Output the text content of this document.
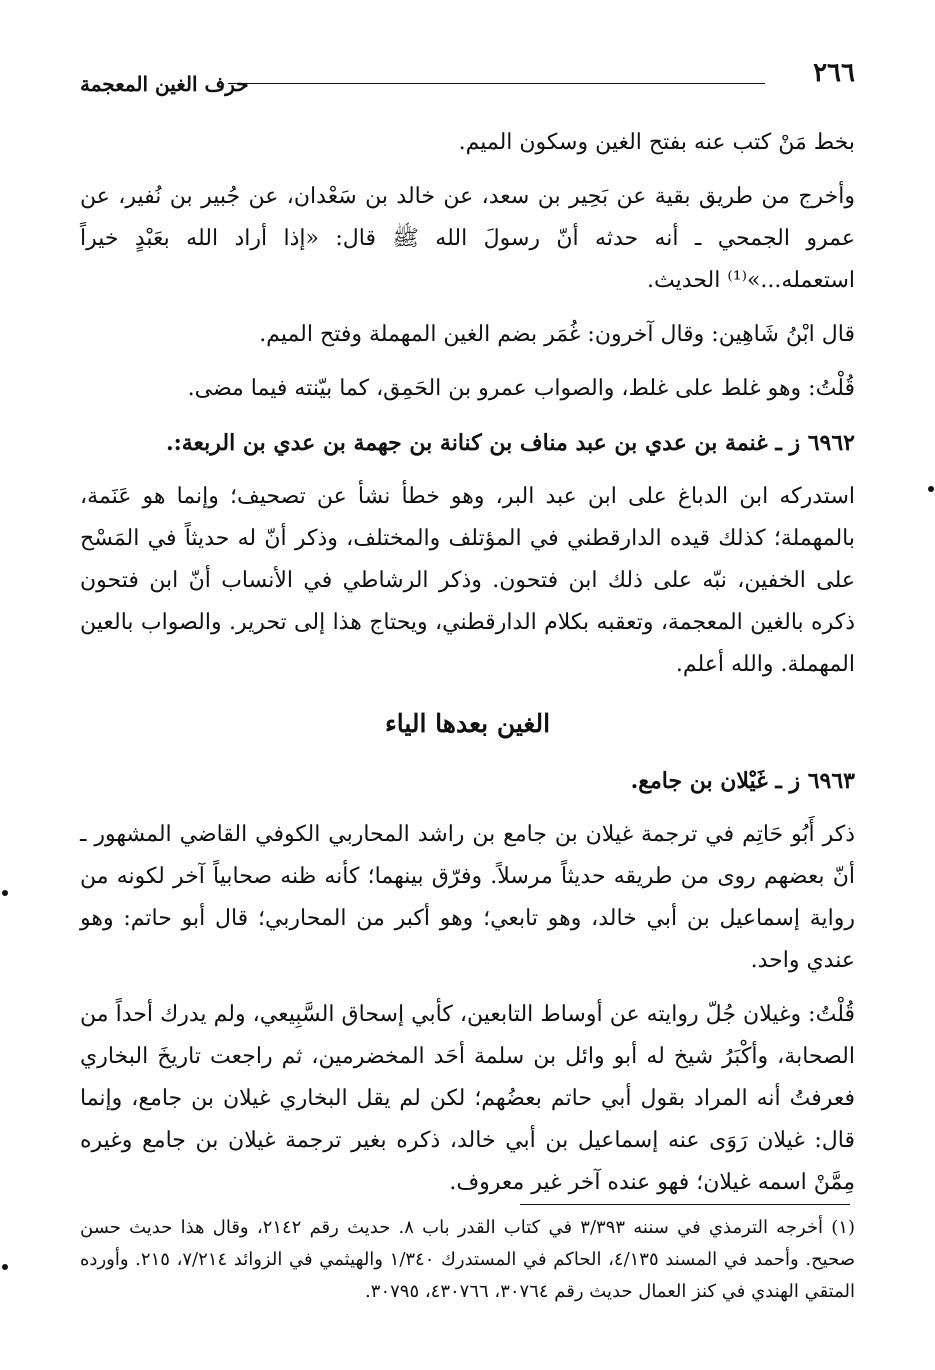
٢٦٦
حرف الغين المعجمة

بخط مَنْ كتب عنه بفتح الغين وسكون الميم.

وأخرج من طريق بقية عن بَحِير بن سعد، عن خالد بن سَعْدان، عن جُبير بن نُفير، عن عمرو الجمحي ـ أنه حدثه أنّ رسولَ الله ﷺ قال: «إذا أراد الله بعَبْدٍ خيراً استعمله...»⁽¹⁾ الحديث.

قال ابْنُ شَاهِين: وقال آخرون: غُمَر بضم الغين المهملة وفتح الميم.

قُلْتُ: وهو غلط على غلط، والصواب عمرو بن الحَمِق، كما بيّنته فيما مضى.

٦٩٦٢ ز ـ غنمة بن عدي بن عبد مناف بن كنانة بن جهمة بن عدي بن الربعة:.

استدركه ابن الدباغ على ابن عبد البر، وهو خطأ نشأ عن تصحيف؛ وإنما هو عَنَمة، بالمهملة؛ كذلك قيده الدارقطني في المؤتلف والمختلف، وذكر أنّ له حديثاً في المَسْح على الخفين، نبّه على ذلك ابن فتحون. وذكر الرشاطي في الأنساب أنّ ابن فتحون ذكره بالغين المعجمة، وتعقبه بكلام الدارقطني، ويحتاج هذا إلى تحرير. والصواب بالعين المهملة. والله أعلم.

الغين بعدها الياء

٦٩٦٣ ز ـ غَيْلان بن جامع.

ذكر أَبُو حَاتِم في ترجمة غيلان بن جامع بن راشد المحاربي الكوفي القاضي المشهور ـ أنّ بعضهم روى من طريقه حديثاً مرسلاً. وفرّق بينهما؛ كأنه ظنه صحابياً آخر لكونه من رواية إسماعيل بن أبي خالد، وهو تابعي؛ وهو أكبر من المحاربي؛ قال أبو حاتم: وهو عندي واحد.

قُلْتُ: وغيلان جُلّ روايته عن أوساط التابعين، كأبي إسحاق السَّبِيعي، ولم يدرك أحداً من الصحابة، وأكْبَرُ شيخ له أبو وائل بن سلمة أحَد المخضرمين، ثم راجعت تاريخَ البخاري فعرفتُ أنه المراد بقول أبي حاتم بعضُهم؛ لكن لم يقل البخاري غيلان بن جامع، وإنما قال: غيلان رَوَى عنه إسماعيل بن أبي خالد، ذكره بغير ترجمة غيلان بن جامع وغيره مِمَّنْ اسمه غيلان؛ فهو عنده آخر غير معروف.

(١) أخرجه الترمذي في سننه ٣/٣٩٣ في كتاب القدر باب ٨. حديث رقم ٢١٤٢، وقال هذا حديث حسن صحيح. وأحمد في المسند ٤/١٣٥، الحاكم في المستدرك ١/٣٤٠ والهيثمي في الزوائد ٧/٢١٤، ٢١٥. وأورده المتقي الهندي في كنز العمال حديث رقم ٣٠٧٦٤، ٤٣٠٧٦٦، ٣٠٧٩٥.
